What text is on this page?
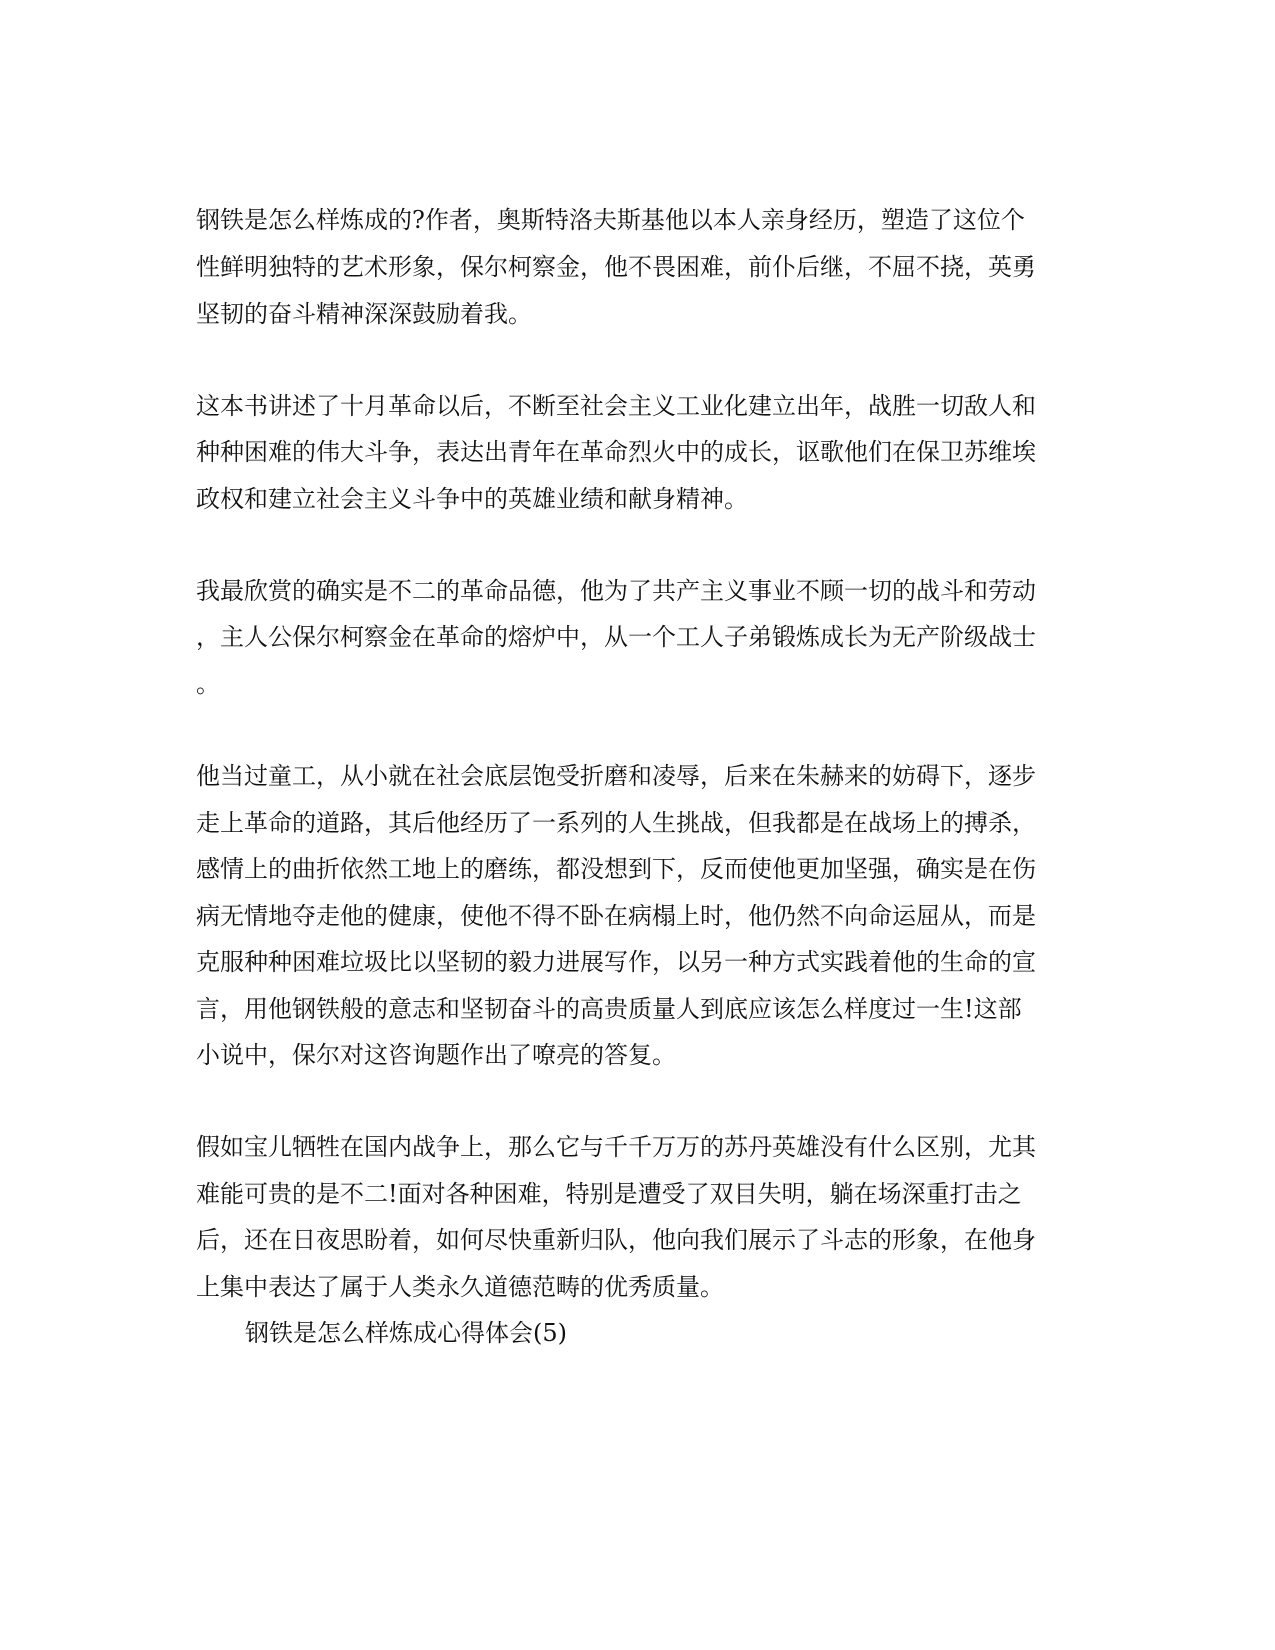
钢铁是怎么样炼成的?作者，奥斯特洛夫斯基他以本人亲身经历，塑造了这位个
性鲜明独特的艺术形象，保尔柯察金，他不畏困难，前仆后继，不屈不挠，英勇
坚韧的奋斗精神深深鼓励着我。
这本书讲述了十月革命以后，不断至社会主义工业化建立出年，战胜一切敌人和
种种困难的伟大斗争，表达出青年在革命烈火中的成长，讴歌他们在保卫苏维埃
政权和建立社会主义斗争中的英雄业绩和献身精神。
我最欣赏的确实是不二的革命品德，他为了共产主义事业不顾一切的战斗和劳动
，主人公保尔柯察金在革命的熔炉中，从一个工人子弟锻炼成长为无产阶级战士
。
他当过童工，从小就在社会底层饱受折磨和凌辱，后来在朱赫来的妨碍下，逐步
走上革命的道路，其后他经历了一系列的人生挑战，但我都是在战场上的搏杀，
感情上的曲折依然工地上的磨练，都没想到下，反而使他更加坚强，确实是在伤
病无情地夺走他的健康，使他不得不卧在病榻上时，他仍然不向命运屈从，而是
克服种种困难垃圾比以坚韧的毅力进展写作，以另一种方式实践着他的生命的宣
言，用他钢铁般的意志和坚韧奋斗的高贵质量人到底应该怎么样度过一生!这部
小说中，保尔对这咨询题作出了嘹亮的答复。
假如宝儿牺牲在国内战争上，那么它与千千万万的苏丹英雄没有什么区别，尤其
难能可贵的是不二!面对各种困难，特别是遭受了双目失明，躺在场深重打击之
后，还在日夜思盼着，如何尽快重新归队，他向我们展示了斗志的形象，在他身
上集中表达了属于人类永久道德范畴的优秀质量。
钢铁是怎么样炼成心得体会(5)
